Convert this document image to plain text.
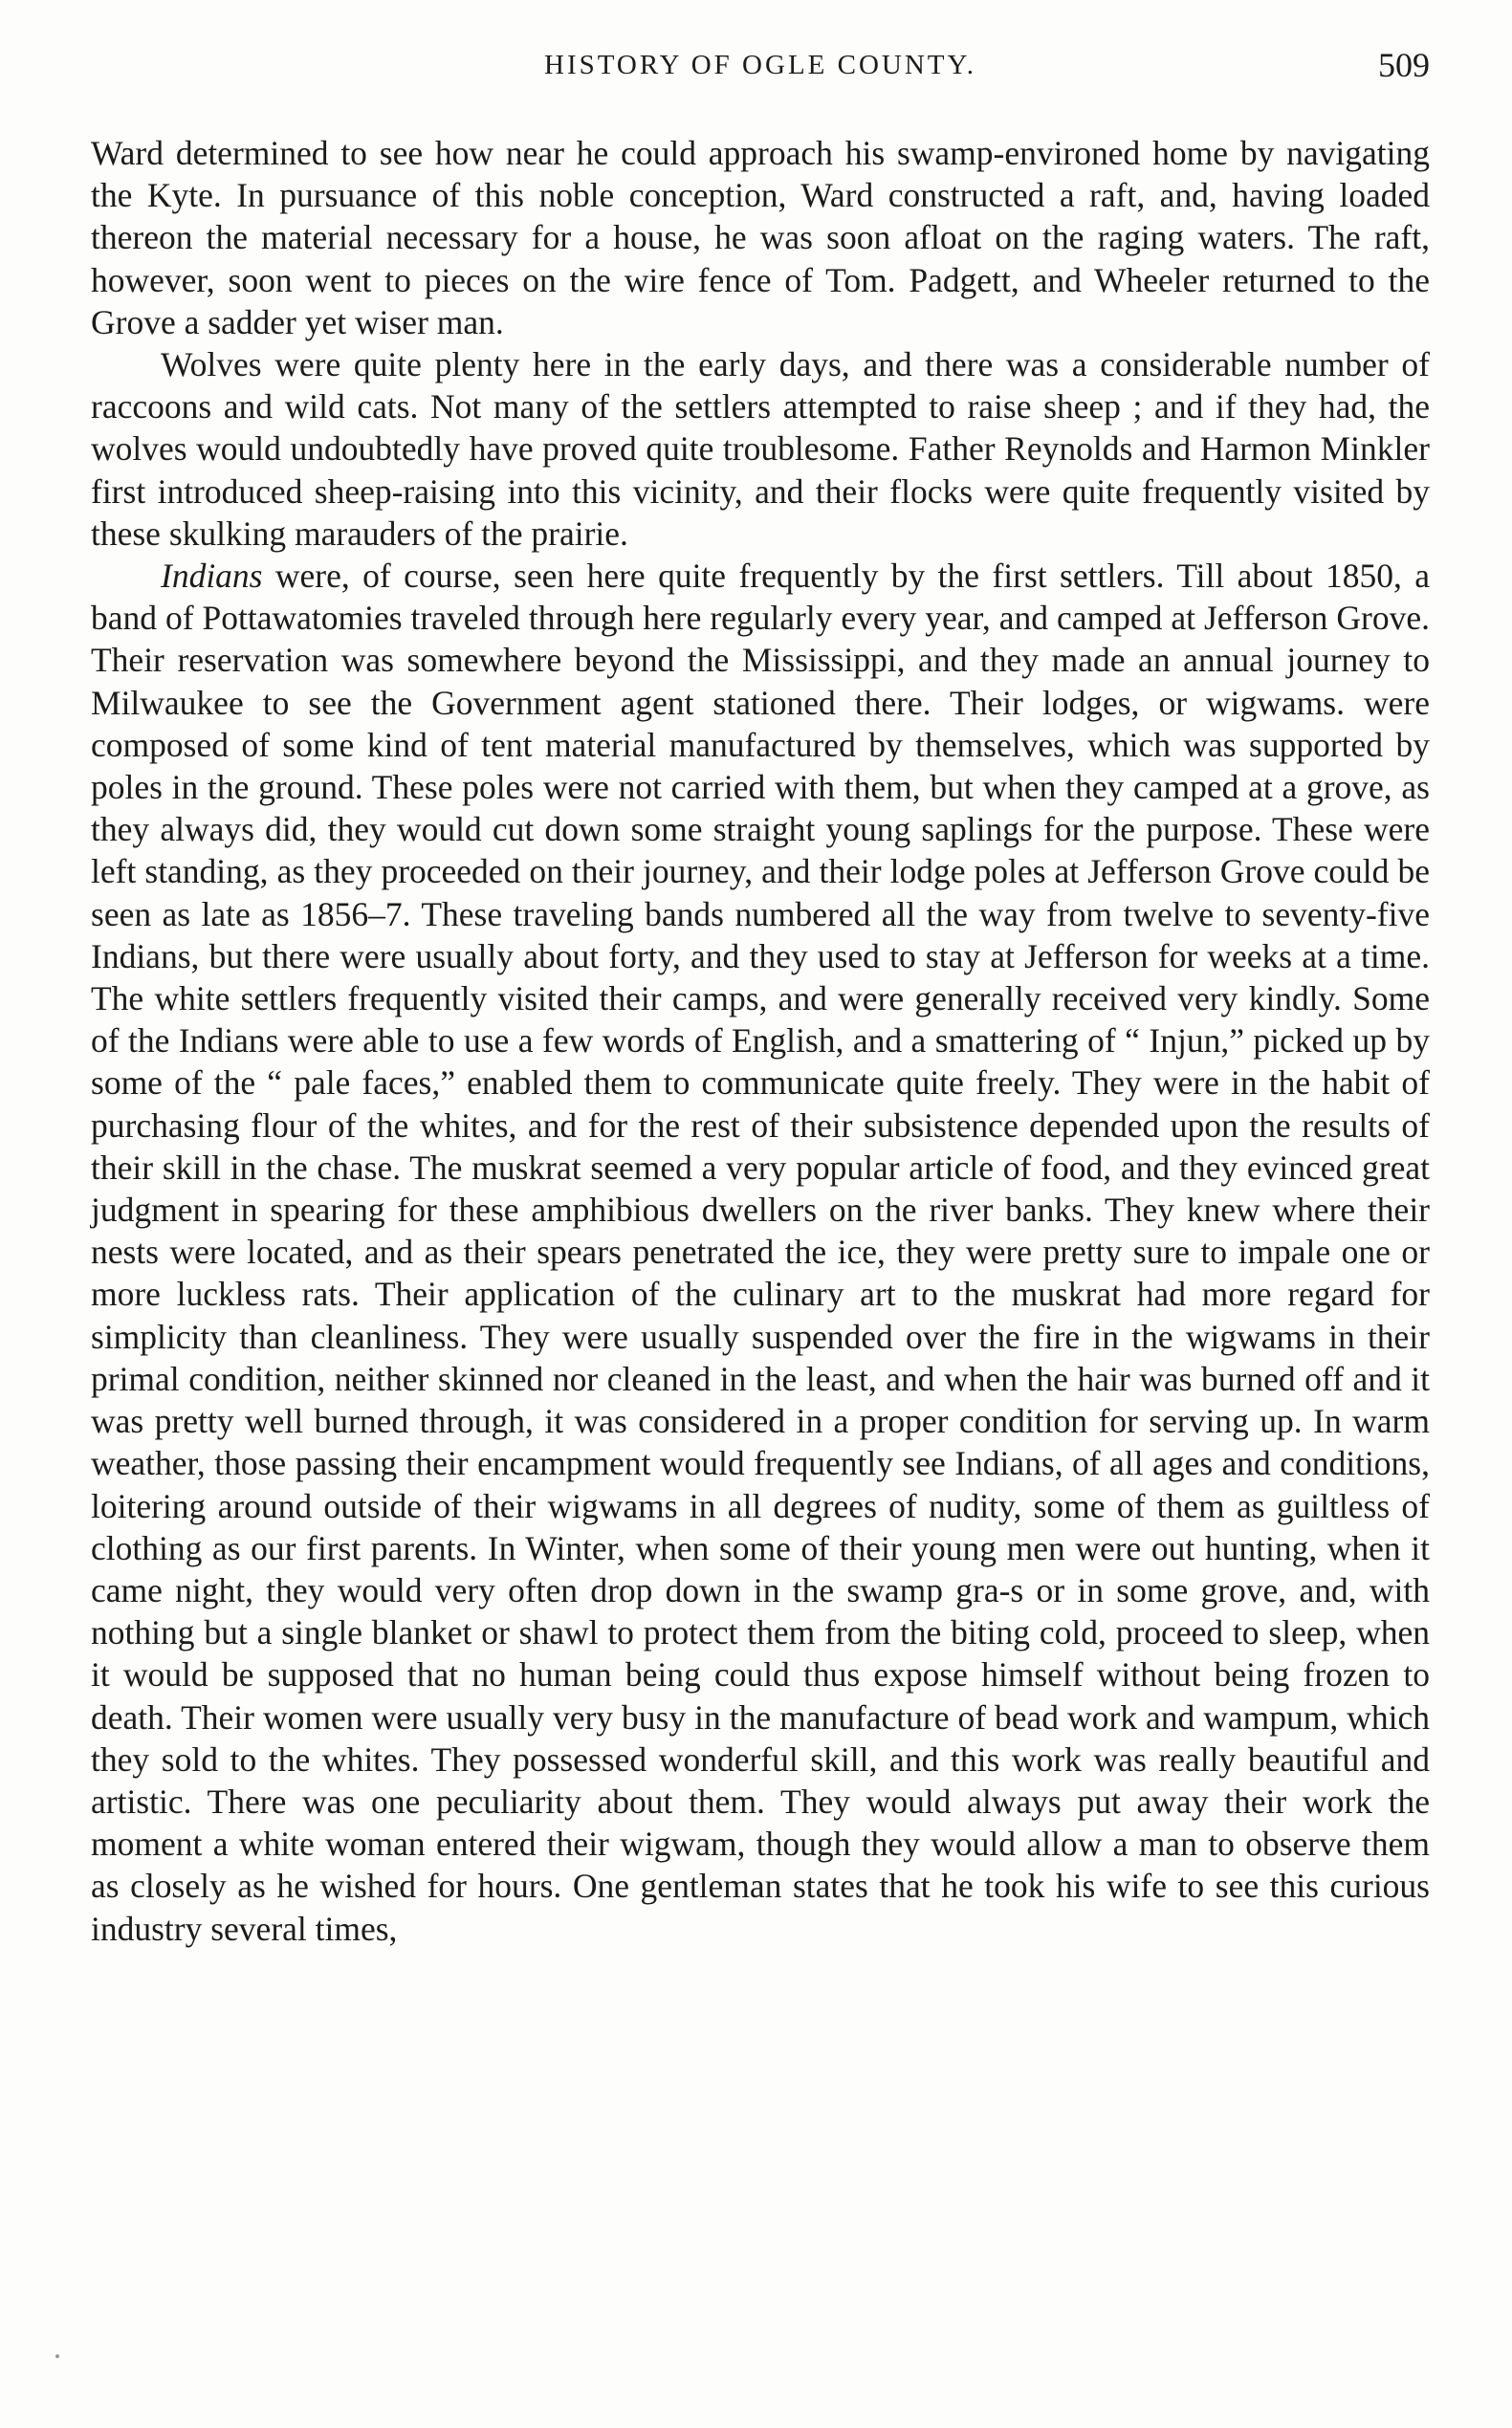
HISTORY OF OGLE COUNTY.	509

Ward determined to see how near he could approach his swamp-environed home by navigating the Kyte. In pursuance of this noble conception, Ward constructed a raft, and, having loaded thereon the material necessary for a house, he was soon afloat on the raging waters. The raft, however, soon went to pieces on the wire fence of Tom. Padgett, and Wheeler returned to the Grove a sadder yet wiser man.

Wolves were quite plenty here in the early days, and there was a considerable number of raccoons and wild cats. Not many of the settlers attempted to raise sheep ; and if they had, the wolves would undoubtedly have proved quite troublesome. Father Reynolds and Harmon Minkler first introduced sheep-raising into this vicinity, and their flocks were quite frequently visited by these skulking marauders of the prairie.

Indians were, of course, seen here quite frequently by the first settlers. Till about 1850, a band of Pottawatomies traveled through here regularly every year, and camped at Jefferson Grove. Their reservation was somewhere beyond the Mississippi, and they made an annual journey to Milwaukee to see the Government agent stationed there. Their lodges, or wigwams. were composed of some kind of tent material manufactured by themselves, which was supported by poles in the ground. These poles were not carried with them, but when they camped at a grove, as they always did, they would cut down some straight young saplings for the purpose. These were left standing, as they proceeded on their journey, and their lodge poles at Jefferson Grove could be seen as late as 1856–7. These traveling bands numbered all the way from twelve to seventy-five Indians, but there were usually about forty, and they used to stay at Jefferson for weeks at a time. The white settlers frequently visited their camps, and were generally received very kindly. Some of the Indians were able to use a few words of English, and a smattering of “ Injun,” picked up by some of the “ pale faces,” enabled them to communicate quite freely. They were in the habit of purchasing flour of the whites, and for the rest of their subsistence depended upon the results of their skill in the chase. The muskrat seemed a very popular article of food, and they evinced great judgment in spearing for these amphibious dwellers on the river banks. They knew where their nests were located, and as their spears penetrated the ice, they were pretty sure to impale one or more luckless rats. Their application of the culinary art to the muskrat had more regard for simplicity than cleanliness. They were usually suspended over the fire in the wigwams in their primal condition, neither skinned nor cleaned in the least, and when the hair was burned off and it was pretty well burned through, it was considered in a proper condition for serving up. In warm weather, those passing their encampment would frequently see Indians, of all ages and conditions, loitering around outside of their wigwams in all degrees of nudity, some of them as guiltless of clothing as our first parents. In Winter, when some of their young men were out hunting, when it came night, they would very often drop down in the swamp gra-s or in some grove, and, with nothing but a single blanket or shawl to protect them from the biting cold, proceed to sleep, when it would be supposed that no human being could thus expose himself without being frozen to death. Their women were usually very busy in the manufacture of bead work and wampum, which they sold to the whites. They possessed wonderful skill, and this work was really beautiful and artistic. There was one peculiarity about them. They would always put away their work the moment a white woman entered their wigwam, though they would allow a man to observe them as closely as he wished for hours. One gentleman states that he took his wife to see this curious industry several times,
